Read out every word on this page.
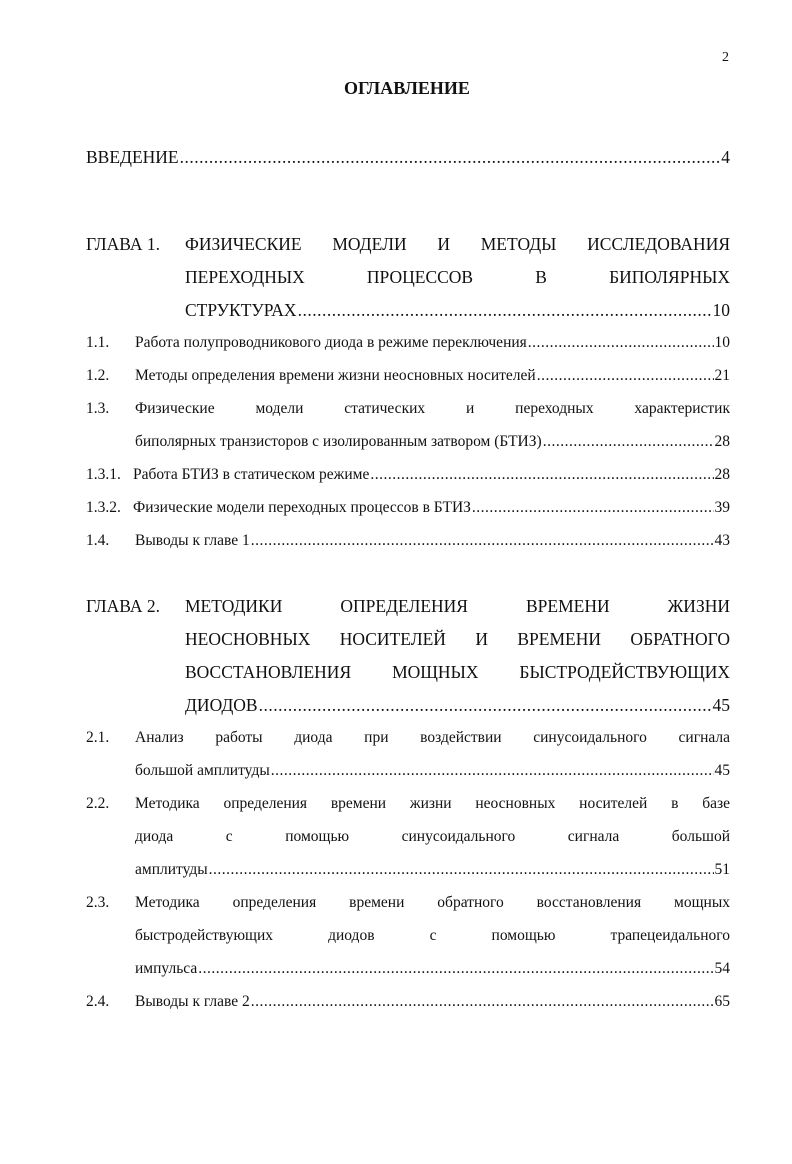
2
ОГЛАВЛЕНИЕ
ВВЕДЕНИЕ .....	4
ГЛАВА 1. ФИЗИЧЕСКИЕ МОДЕЛИ И МЕТОДЫ ИССЛЕДОВАНИЯ
ПЕРЕХОДНЫХ ПРОЦЕССОВ В БИПОЛЯРНЫХ
СТРУКТУРАХ .....	10
1.1. Работа полупроводникового диода в режиме переключения .....	10
1.2. Методы определения времени жизни неосновных носителей .....	21
1.3. Физические модели статических и переходных характеристик
биполярных транзисторов с изолированным затвором (БТИЗ) .....	28
1.3.1. Работа БТИЗ в статическом режиме .....	28
1.3.2. Физические модели переходных процессов в БТИЗ .....	39
1.4. Выводы к главе 1 .....	43
ГЛАВА 2. МЕТОДИКИ ОПРЕДЕЛЕНИЯ ВРЕМЕНИ ЖИЗНИ
НЕОСНОВНЫХ НОСИТЕЛЕЙ И ВРЕМЕНИ ОБРАТНОГО
ВОССТАНОВЛЕНИЯ МОЩНЫХ БЫСТРОДЕЙСТВУЮЩИХ
ДИОДОВ .....	45
2.1. Анализ работы диода при воздействии синусоидального сигнала
большой амплитуды .....	45
2.2. Методика определения времени жизни неосновных носителей в базе
диода с помощью синусоидального сигнала большой
амплитуды .....	51
2.3. Методика определения времени обратного восстановления мощных
быстродействующих диодов с помощью трапецеидального
импульса .....	54
2.4. Выводы к главе 2 .....	65
